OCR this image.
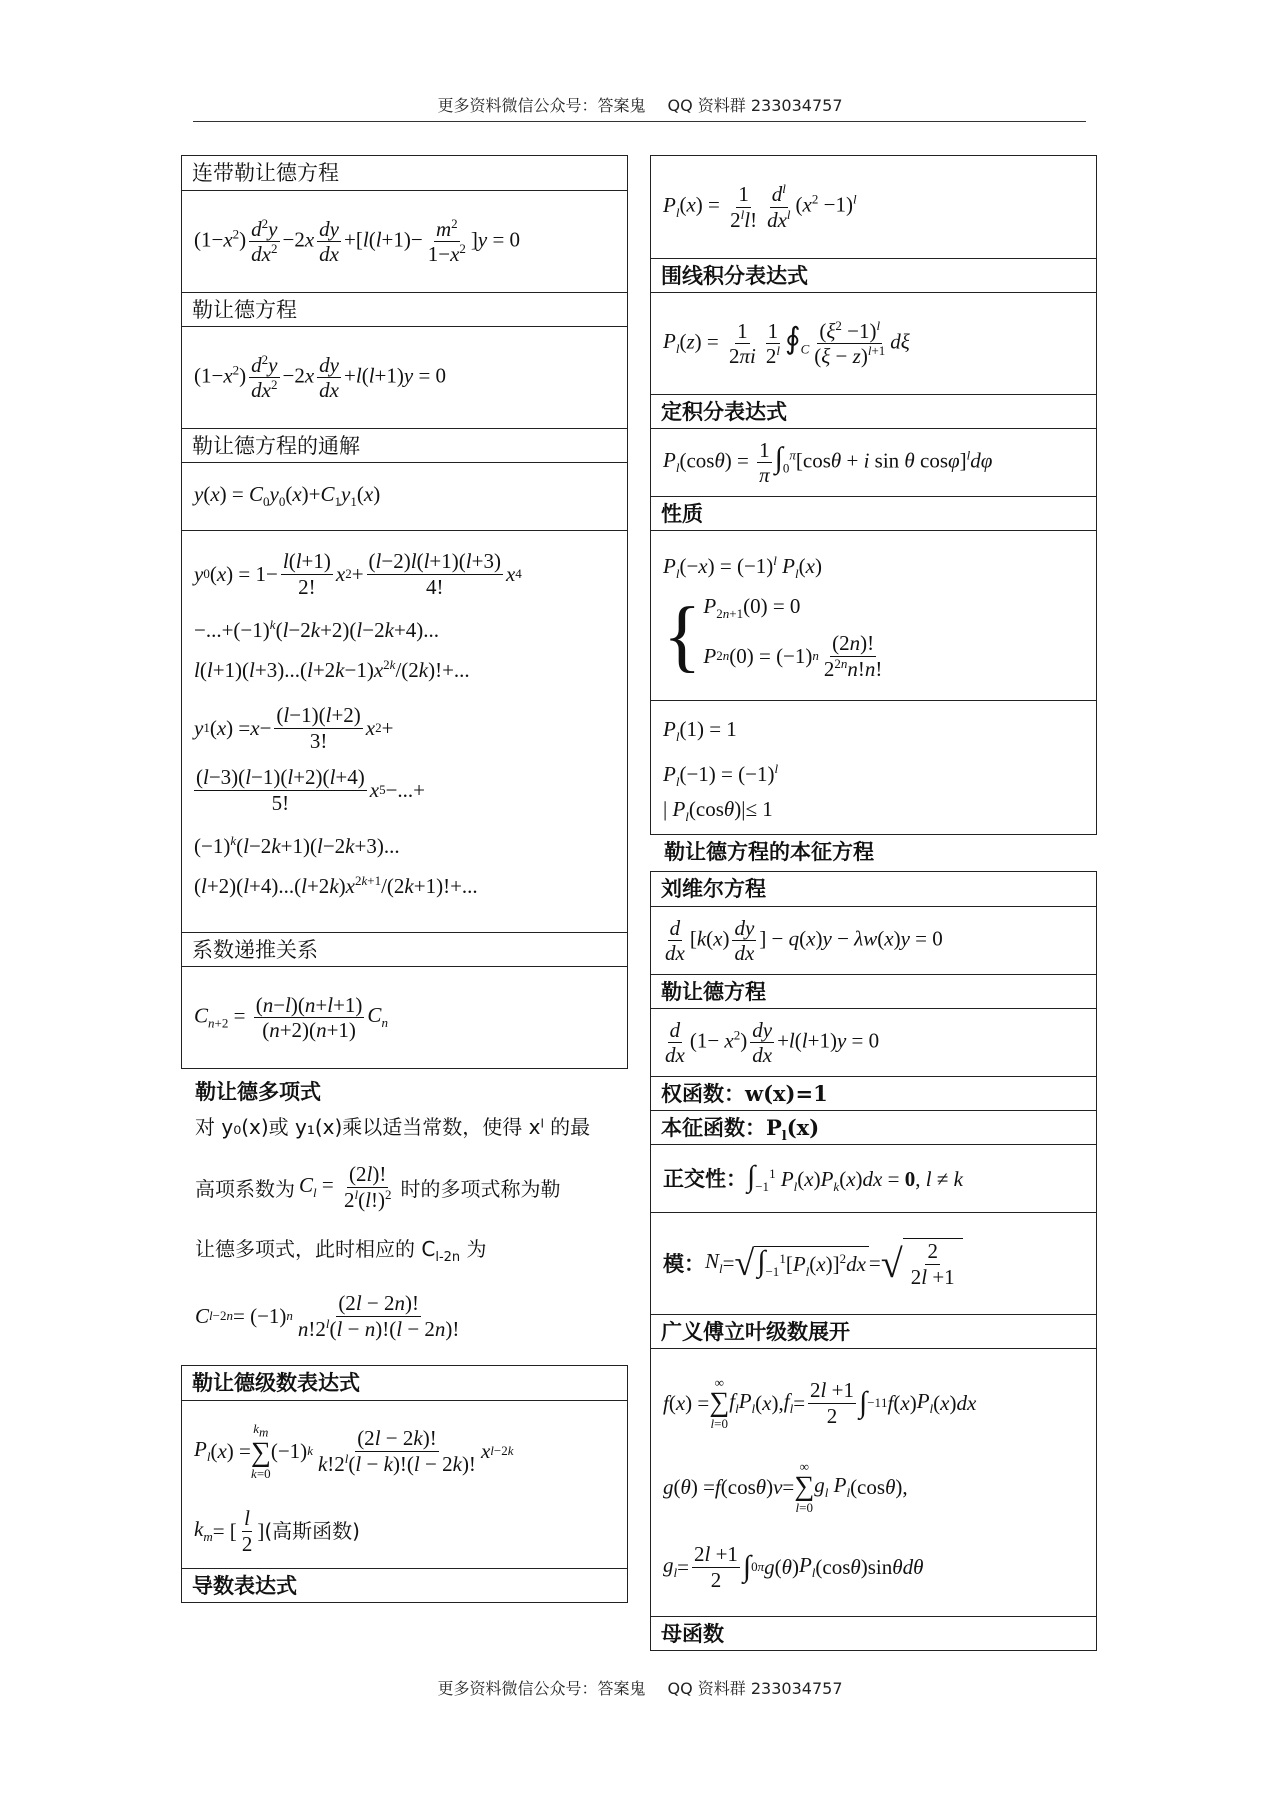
更多资料微信公众号：答案鬼 QQ 资料群 233034757
连带勒让德方程
$(1-x^2) \frac{d^2y}{dx^2} -2x \frac{dy}{dx} +[l(l+1)- \frac{m^2}{1-x^2} ]y = 0$
勒让德方程
$(1-x^2) \frac{d^2y}{dx^2} -2x \frac{dy}{dx} +l(l+1)y = 0$
勒让德方程的通解
$y(x) = C_0y_0(x)+C_1y_1(x)$
y 0 ( x ) = $1- \frac{l(l+1)}{2!}$ x $2 + \frac{(l-2)l(l+1)(l+3)}{4!}$ x 4
$-...+(-1)^k(l-2k+2)(l-2k+4)$...
$l(l+1)(l+3)...(l+2k-1)x^{2k}/(2k)!+$...
y 1 ( x ) = $x - \frac{(l-1)(l+2)}{3!}$ x 2 +
$\frac{(l-3)(l-1)(l+2)(l+4)}{5!}$ x 5 −...+
$(-1)^k(l-2k+1)(l-2k+3)$...
$(l+2)(l+4)...(l+2k)x^{2k+1}/(2k+1)!+$...
系数递推关系
$C_{n+2} = \frac{(n-l)(n+l+1)}{(n+2)(n+1)} C_n$
勒让德多项式
对 y₀(x)或 y₁(x)乘以适当常数，使得 xˡ 的最
高项系数为 $C_l = \frac{(2l)!}{2^l(l!)^2}$ 时的多项式称为勒
让德多项式，此时相应的 $C_{l-2n}$ 为
C l−2n = (−1) n $\frac{(2l - 2n)!}{n!2^l(l - n)!(l - 2n)!}$
勒让德级数表达式
$P_l$ ( x ) =
$k_m$
∑
k=0
(−1) k $\frac{(2l - 2k)!}{k!2^l(l - k)!(l - 2k)!}$ x l−2k
$k_m$ = [ $\frac{l}{2}$ ] (高斯函数)
导数表达式
$P_l(x) = \frac{1}{2^ll!} \frac{d^l}{dx^l} (x^2 -1)^l$
围线积分表达式
$P_l(z) = \frac{1}{2\pi i} \frac{1}{2^l}$ $∮_C \frac{(\xi^2 -1)^l}{(\xi - z)^{l+1}}$ dξ
定积分表达式
$P_l(\cos\theta) = \frac{1}{\pi} \int_0^\pi[\cos\theta + i$ sin θ cosφ]$^l$dφ
性质
$P_l(-x) = (-1)^l$ $P_l(x)$
{ $P_{2n+1}(0) = 0$
P 2n (0) = (−1) n $\frac{(2n)!}{2^{2n}n!n!}$
$P_l(1) = 1$
$P_l(-1) = (-1)^l$
| $P_l(\cos\theta)|\le 1$
勒让德方程的本征方程
刘维尔方程
$\frac{d}{dx} [k(x) \frac{dy}{dx}$ ] − q(x)y − λw(x)y = 0
勒让德方程
$\frac{d}{dx} (1- x^2) \frac{dy}{dx} +l(l+1)y = 0$
权函数：w(x)=1
本征函数：$P_l(x)$
正交性：$\int_{-1}^1$ $P_l(x)P_k(x)dx = 0$, l ≠ k
模： $N_l$ = √ $\int_{-1}^1[P_l(x)]^2dx$ = √ $\frac{2}{2l +1}$
广义傅立叶级数展开
f ( x ) =
∞
∑
l=0
$f_lP_l$ ( x ), $f_l = \frac{2l +1}{2}$ ∫ −1 1 f ( x ) $P_l$ ( x ) dx
g ( θ ) = f (cos θ ) v =
∞
∑
l=0
$g_l$ $P_l$ (cos θ ),
$g_l = \frac{2l +1}{2}$ ∫ 0 π g ( θ ) $P_l$ (cos θ )sin θdθ
母函数
更多资料微信公众号：答案鬼 QQ 资料群 233034757
